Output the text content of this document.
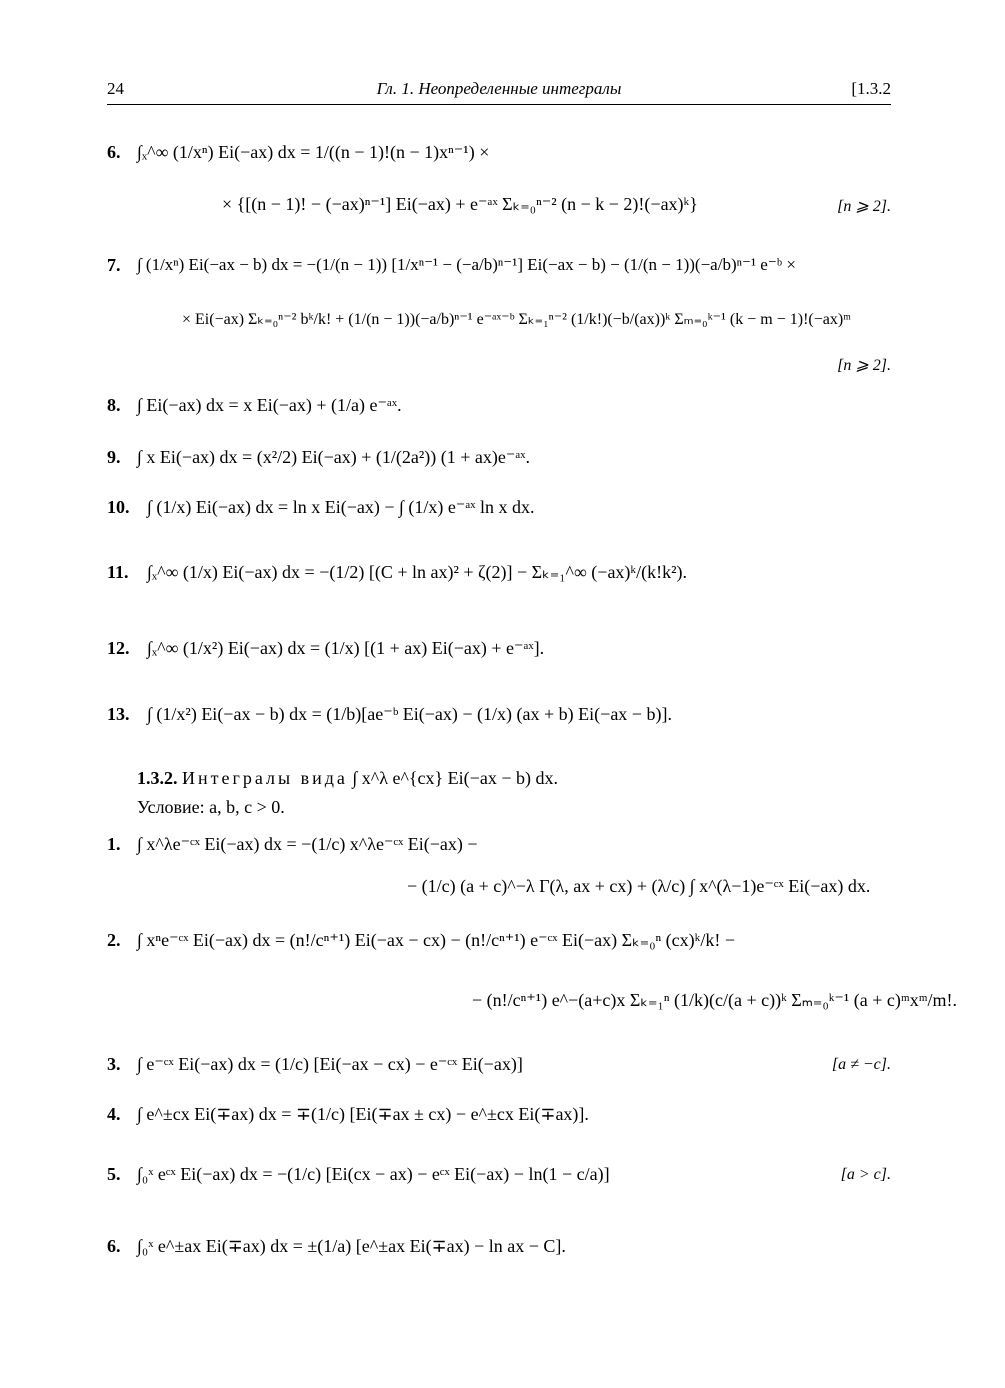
24	Гл. 1. Неопределенные интегралы	[1.3.2
6. ∫ₓ^∞ (1/xⁿ) Ei(−ax) dx = 1/((n − 1)!(n − 1)xⁿ⁻¹) ×
× {[(n − 1)! − (−ax)ⁿ⁻¹] Ei(−ax) + e⁻ᵃˣ Σₖ₌₀ⁿ⁻² (n − k − 2)!(−ax)ᵏ}	[n ⩾ 2].
7. ∫ (1/xⁿ) Ei(−ax − b) dx = −(1/(n − 1)) [1/xⁿ⁻¹ − (−a/b)ⁿ⁻¹] Ei(−ax − b) − (1/(n − 1))(−a/b)ⁿ⁻¹ e⁻ᵇ ×
× Ei(−ax) Σₖ₌₀ⁿ⁻² bᵏ/k! + (1/(n − 1))(−a/b)ⁿ⁻¹ e⁻ᵃˣ⁻ᵇ Σₖ₌₁ⁿ⁻² (1/k!)(−b/(ax))ᵏ Σₘ₌₀ᵏ⁻¹ (k − m − 1)!(−ax)ᵐ
[n ⩾ 2].
8. ∫ Ei(−ax) dx = x Ei(−ax) + (1/a) e⁻ᵃˣ.
9. ∫ x Ei(−ax) dx = (x²/2) Ei(−ax) + (1/(2a²)) (1 + ax)e⁻ᵃˣ.
10. ∫ (1/x) Ei(−ax) dx = ln x Ei(−ax) − ∫ (1/x) e⁻ᵃˣ ln x dx.
11. ∫ₓ^∞ (1/x) Ei(−ax) dx = −(1/2) [(C + ln ax)² + ζ(2)] − Σₖ₌₁^∞ (−ax)ᵏ/(k!k²).
12. ∫ₓ^∞ (1/x²) Ei(−ax) dx = (1/x) [(1 + ax) Ei(−ax) + e⁻ᵃˣ].
13. ∫ (1/x²) Ei(−ax − b) dx = (1/b)[ae⁻ᵇ Ei(−ax) − (1/x) (ax + b) Ei(−ax − b)].
1.3.2. Интегралы вида ∫ x^λ e^{cx} Ei(−ax − b) dx.
Условие: a, b, c > 0.
1. ∫ x^λe⁻ᶜˣ Ei(−ax) dx = −(1/c) x^λe⁻ᶜˣ Ei(−ax) −
− (1/c) (a + c)^−λ Γ(λ, ax + cx) + (λ/c) ∫ x^(λ−1)e⁻ᶜˣ Ei(−ax) dx.
2. ∫ xⁿe⁻ᶜˣ Ei(−ax) dx = (n!/cⁿ⁺¹) Ei(−ax − cx) − (n!/cⁿ⁺¹) e⁻ᶜˣ Ei(−ax) Σₖ₌₀ⁿ (cx)ᵏ/k! −
− (n!/cⁿ⁺¹) e^−(a+c)x Σₖ₌₁ⁿ (1/k)(c/(a + c))ᵏ Σₘ₌₀ᵏ⁻¹ (a + c)ᵐxᵐ/m!.
3. ∫ e⁻ᶜˣ Ei(−ax) dx = (1/c) [Ei(−ax − cx) − e⁻ᶜˣ Ei(−ax)]	[a ≠ −c].
4. ∫ e^±cx Ei(∓ax) dx = ∓(1/c) [Ei(∓ax ± cx) − e^±cx Ei(∓ax)].
5. ∫₀ˣ eᶜˣ Ei(−ax) dx = −(1/c) [Ei(cx − ax) − eᶜˣ Ei(−ax) − ln(1 − c/a)]	[a > c].
6. ∫₀ˣ e^±ax Ei(∓ax) dx = ±(1/a) [e^±ax Ei(∓ax) − ln ax − C].
